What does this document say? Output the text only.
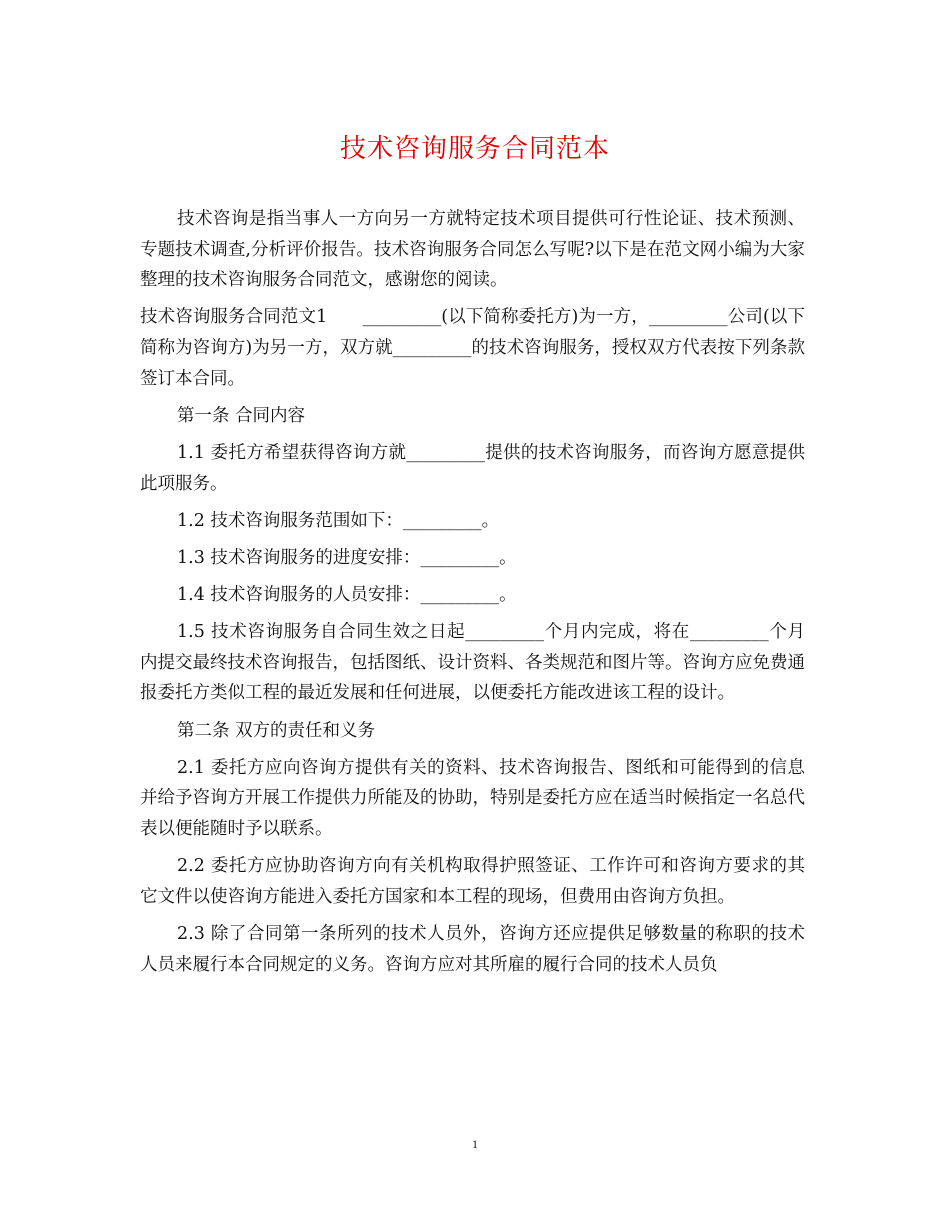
技术咨询服务合同范本

技术咨询是指当事人一方向另一方就特定技术项目提供可行性论证、技术预测、专题技术调查,分析评价报告。技术咨询服务合同怎么写呢?以下是在范文网小编为大家整理的技术咨询服务合同范文，感谢您的阅读。

技术咨询服务合同范文1　　_________(以下简称委托方)为一方，_________公司(以下简称为咨询方)为另一方，双方就_________的技术咨询服务，授权双方代表按下列条款签订本合同。

第一条 合同内容

1.1 委托方希望获得咨询方就_________提供的技术咨询服务，而咨询方愿意提供此项服务。

1.2 技术咨询服务范围如下：_________。

1.3 技术咨询服务的进度安排：_________。

1.4 技术咨询服务的人员安排：_________。

1.5 技术咨询服务自合同生效之日起_________个月内完成，将在_________个月内提交最终技术咨询报告，包括图纸、设计资料、各类规范和图片等。咨询方应免费通报委托方类似工程的最近发展和任何进展，以便委托方能改进该工程的设计。

第二条 双方的责任和义务

2.1 委托方应向咨询方提供有关的资料、技术咨询报告、图纸和可能得到的信息并给予咨询方开展工作提供力所能及的协助，特别是委托方应在适当时候指定一名总代表以便能随时予以联系。

2.2 委托方应协助咨询方向有关机构取得护照签证、工作许可和咨询方要求的其它文件以使咨询方能进入委托方国家和本工程的现场，但费用由咨询方负担。

2.3 除了合同第一条所列的技术人员外，咨询方还应提供足够数量的称职的技术人员来履行本合同规定的义务。咨询方应对其所雇的履行合同的技术人员负

1
